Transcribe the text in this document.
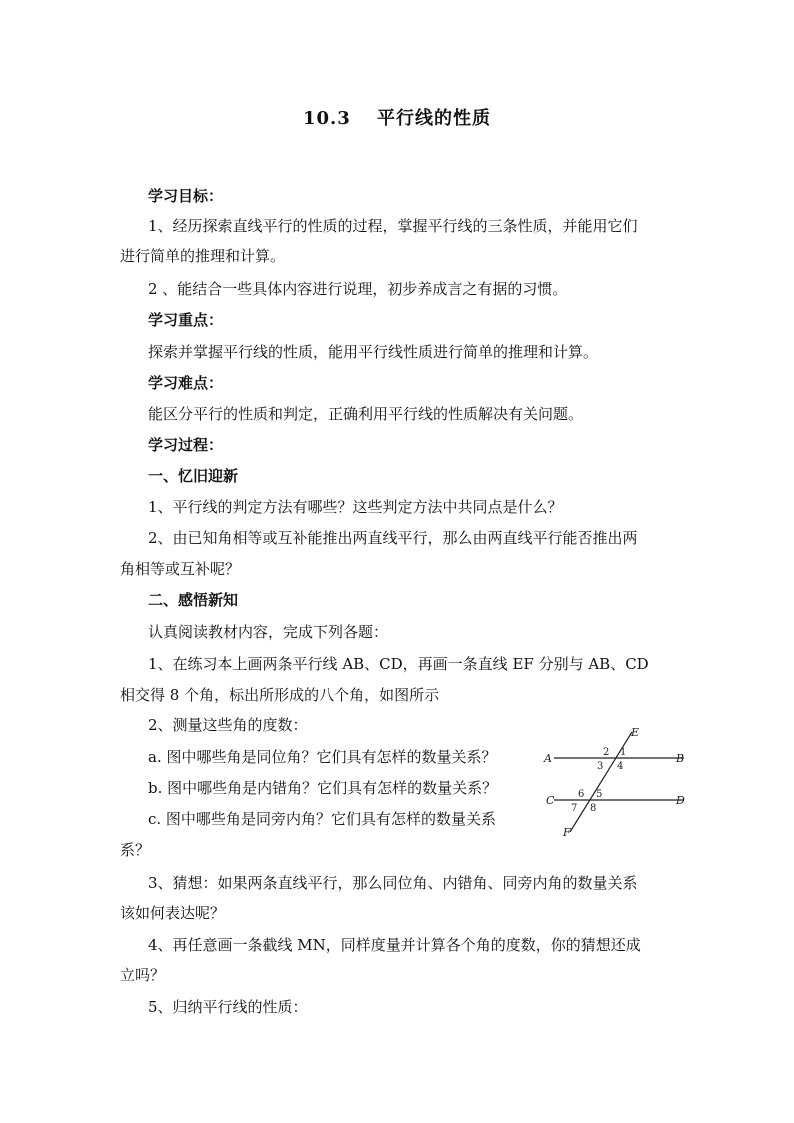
10.3　 平行线的性质
学习目标：
1、经历探索直线平行的性质的过程，掌握平行线的三条性质，并能用它们
进行简单的推理和计算。
2 、能结合一些具体内容进行说理，初步养成言之有据的习惯。
学习重点：
探索并掌握平行线的性质，能用平行线性质进行简单的推理和计算。
学习难点：
能区分平行的性质和判定，正确利用平行线的性质解决有关问题。
学习过程：
一、忆旧迎新
1、平行线的判定方法有哪些？这些判定方法中共同点是什么？
2、由已知角相等或互补能推出两直线平行，那么由两直线平行能否推出两
角相等或互补呢？
二、感悟新知
认真阅读教材内容，完成下列各题：
1、在练习本上画两条平行线 AB、CD，再画一条直线 EF 分别与 AB、CD
相交得 8 个角，标出所形成的八个角，如图所示
2、测量这些角的度数：
a. 图中哪些角是同位角？它们具有怎样的数量关系？
b. 图中哪些角是内错角？它们具有怎样的数量关系？
c. 图中哪些角是同旁内角？它们具有怎样的数量关系
系？
3、猜想：如果两条直线平行，那么同位角、内错角、同旁内角的数量关系
该如何表达呢？
4、再任意画一条截线 MN，同样度量并计算各个角的度数，你的猜想还成
立吗？
5、归纳平行线的性质：
A	B
C	D
E
F
1
2
3 4
5
6
7 8
